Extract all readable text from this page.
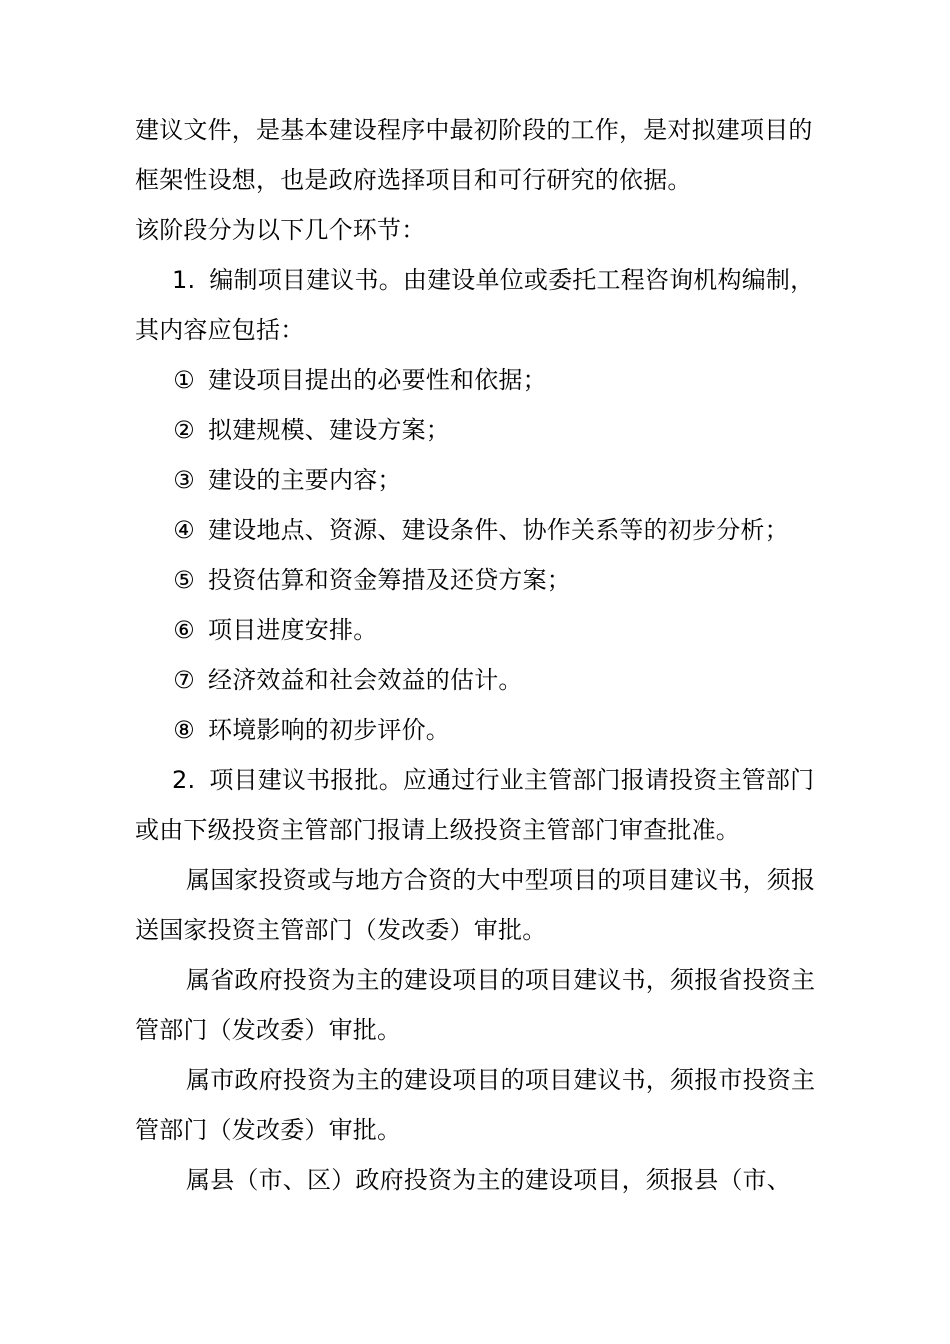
建议文件，是基本建设程序中最初阶段的工作，是对拟建项目的
框架性设想，也是政府选择项目和可行研究的依据。
该阶段分为以下几个环节：
1. 编制项目建议书。由建设单位或委托工程咨询机构编制，
其内容应包括：
① 建设项目提出的必要性和依据；
② 拟建规模、建设方案；
③ 建设的主要内容；
④ 建设地点、资源、建设条件、协作关系等的初步分析；
⑤ 投资估算和资金筹措及还贷方案；
⑥ 项目进度安排。
⑦ 经济效益和社会效益的估计。
⑧ 环境影响的初步评价。
2. 项目建议书报批。应通过行业主管部门报请投资主管部门
或由下级投资主管部门报请上级投资主管部门审查批准。
属国家投资或与地方合资的大中型项目的项目建议书，须报
送国家投资主管部门（发改委）审批。
属省政府投资为主的建设项目的项目建议书，须报省投资主
管部门（发改委）审批。
属市政府投资为主的建设项目的项目建议书，须报市投资主
管部门（发改委）审批。
属县（市、区）政府投资为主的建设项目，须报县（市、
